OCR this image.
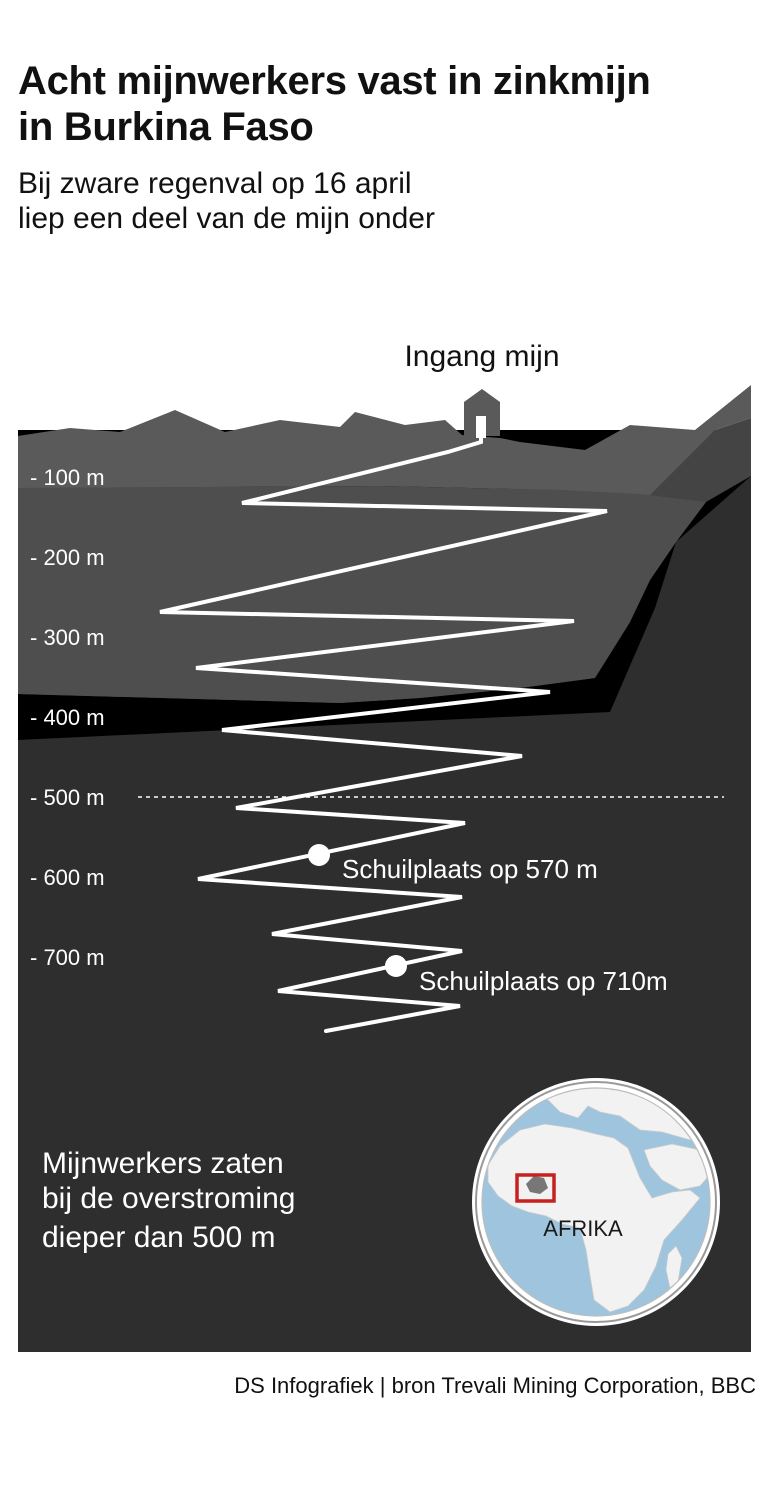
Acht mijnwerkers vast in zinkmijn
in Burkina Faso
Bij zware regenval op 16 april
liep een deel van de mijn onder
Ingang mijn
- 100 m
- 200 m
- 300 m
- 400 m
- 500 m
- 600 m
- 700 m
Schuilplaats op 570 m
Schuilplaats op 710m
Mijnwerkers zaten
bij de overstroming
dieper dan 500 m	AFRIKA
DS Infografiek | bron Trevali Mining Corporation, BBC
